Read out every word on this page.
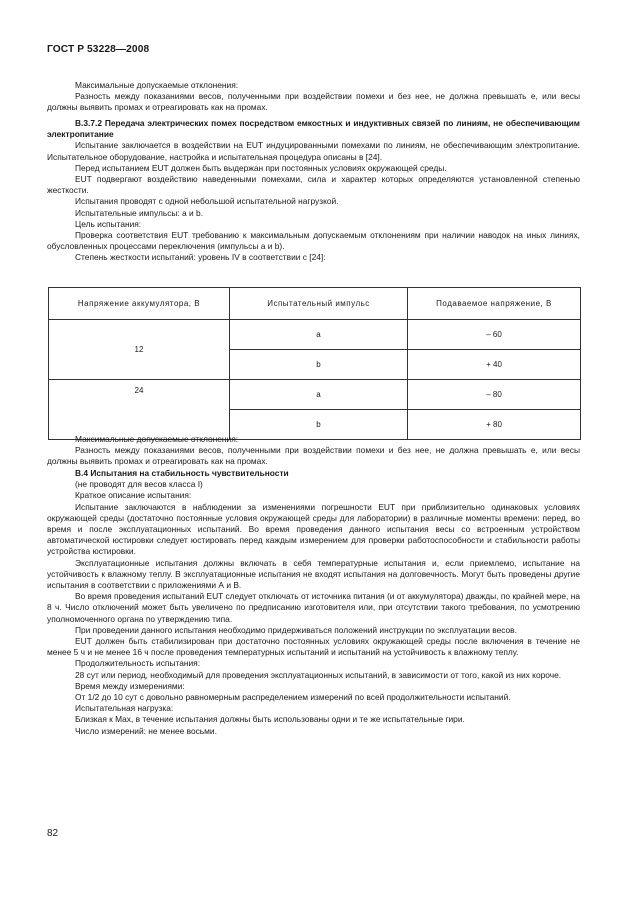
ГОСТ Р 53228—2008

Максимальные допускаемые отклонения:

Разность между показаниями весов, полученными при воздействии помехи и без нее, не должна превышать e, или весы должны выявить промах и отреагировать как на промах.

В.3.7.2 Передача электрических помех посредством емкостных и индуктивных связей по линиям, не обеспечивающим электропитание

Испытание заключается в воздействии на EUT индуцированными помехами по линиям, не обеспечивающим электропитание. Испытательное оборудование, настройка и испытательная процедура описаны в [24].

Перед испытанием EUT должен быть выдержан при постоянных условиях окружающей среды.

EUT подвергают воздействию наведенными помехами, сила и характер которых определяются установленной степенью жесткости.

Испытания проводят с одной небольшой испытательной нагрузкой.

Испытательные импульсы: a и b.

Цель испытания:

Проверка соответствия EUT требованию к максимальным допускаемым отклонениям при наличии наводок на иных линиях, обусловленных процессами переключения (импульсы a и b).

Степень жесткости испытаний: уровень IV в соответствии с [24]:

Напряжение аккумулятора, В	Испытательный импульс	Подаваемое напряжение, В
12	a	– 60
	b	+ 40
24	a	– 80
	b	+ 80

Максимальные допускаемые отклонения:

Разность между показаниями весов, полученными при воздействии помехи и без нее, не должна превышать e, или весы должны выявить промах и отреагировать как на промах.

В.4 Испытания на стабильность чувствительности

(не проводят для весов класса I)

Краткое описание испытания:

Испытание заключаются в наблюдении за изменениями погрешности EUT при приблизительно одинаковых условиях окружающей среды (достаточно постоянные условия окружающей среды для лаборатории) в различные моменты времени: перед, во время и после эксплуатационных испытаний. Во время проведения данного испытания весы со встроенным устройством автоматической юстировки следует юстировать перед каждым измерением для проверки работоспособности и стабильности работы устройства юстировки.

Эксплуатационные испытания должны включать в себя температурные испытания и, если приемлемо, испытание на устойчивость к влажному теплу. В эксплуатационные испытания не входят испытания на долговечность. Могут быть проведены другие испытания в соответствии с приложениями А и В.

Во время проведения испытаний EUT следует отключать от источника питания (и от аккумулятора) дважды, по крайней мере, на 8 ч. Число отключений может быть увеличено по предписанию изготовителя или, при отсутствии такого требования, по усмотрению уполномоченного органа по утверждению типа.

При проведении данного испытания необходимо придерживаться положений инструкции по эксплуатации весов.

EUT должен быть стабилизирован при достаточно постоянных условиях окружающей среды после включения в течение не менее 5 ч и не менее 16 ч после проведения температурных испытаний и испытаний на устойчивость к влажному теплу.

Продолжительность испытания:

28 сут или период, необходимый для проведения эксплуатационных испытаний, в зависимости от того, какой из них короче.

Время между измерениями:

От 1/2 до 10 сут с довольно равномерным распределением измерений по всей продолжительности испытаний.

Испытательная нагрузка:

Близкая к Max, в течение испытания должны быть использованы одни и те же испытательные гири.

Число измерений: не менее восьми.

82
